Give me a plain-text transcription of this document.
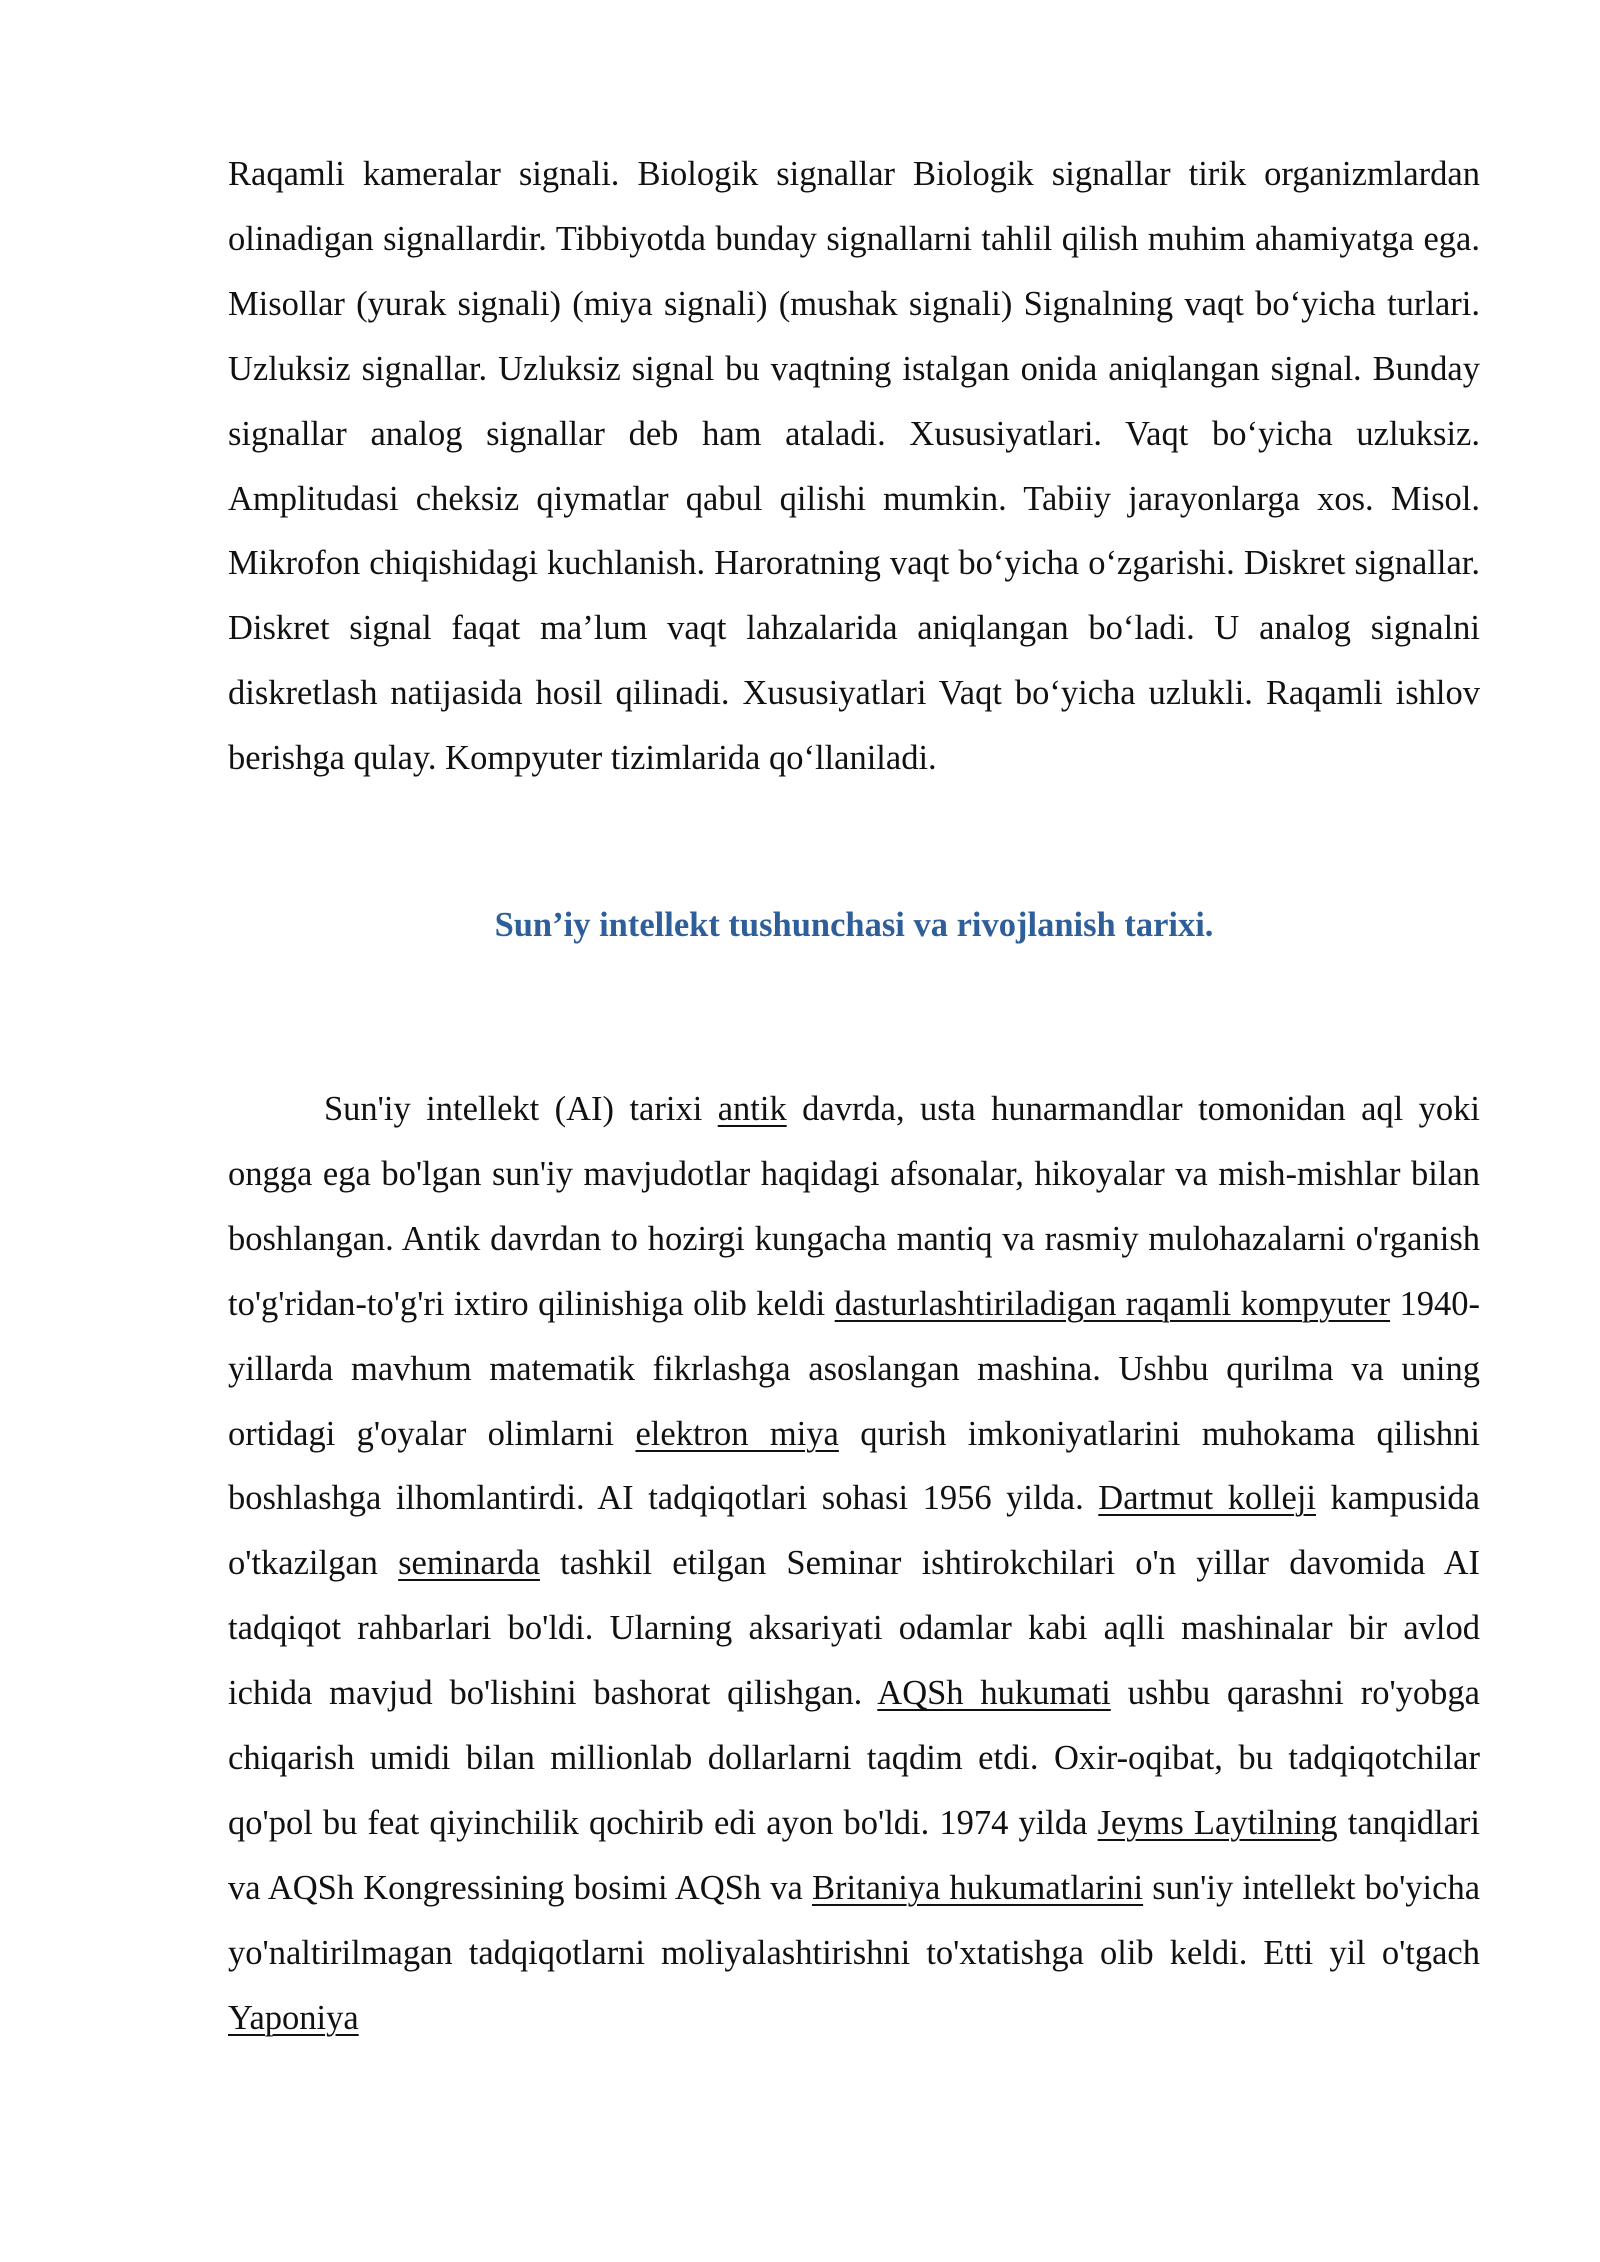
Raqamli kameralar signali. Biologik signallar Biologik signallar tirik organizmlardan olinadigan signallardir. Tibbiyotda bunday signallarni tahlil qilish muhim ahamiyatga ega. Misollar (yurak signali) (miya signali) (mushak signali) Signalning vaqt bo‘yicha turlari. Uzluksiz signallar. Uzluksiz signal bu vaqtning istalgan onida aniqlangan signal. Bunday signallar analog signallar deb ham ataladi. Xususiyatlari. Vaqt bo‘yicha uzluksiz. Amplitudasi cheksiz qiymatlar qabul qilishi mumkin. Tabiiy jarayonlarga xos. Misol. Mikrofon chiqishidagi kuchlanish. Haroratning vaqt bo‘yicha o‘zgarishi. Diskret signallar. Diskret signal faqat ma’lum vaqt lahzalarida aniqlangan bo‘ladi. U analog signalni diskretlash natijasida hosil qilinadi. Xususiyatlari Vaqt bo‘yicha uzlukli. Raqamli ishlov berishga qulay. Kompyuter tizimlarida qo‘llaniladi.

Sun’iy intellekt tushunchasi va rivojlanish tarixi.

Sun'iy intellekt (AI) tarixi antik davrda, usta hunarmandlar tomonidan aql yoki ongga ega bo'lgan sun'iy mavjudotlar haqidagi afsonalar, hikoyalar va mish-mishlar bilan boshlangan. Antik davrdan to hozirgi kungacha mantiq va rasmiy mulohazalarni o'rganish to'g'ridan-to'g'ri ixtiro qilinishiga olib keldi dasturlashtiriladigan raqamli kompyuter 1940-yillarda mavhum matematik fikrlashga asoslangan mashina. Ushbu qurilma va uning ortidagi g'oyalar olimlarni elektron miya qurish imkoniyatlarini muhokama qilishni boshlashga ilhomlantirdi. AI tadqiqotlari sohasi 1956 yilda. Dartmut kolleji kampusida o'tkazilgan seminarda tashkil etilgan Seminar ishtirokchilari o'n yillar davomida AI tadqiqot rahbarlari bo'ldi. Ularning aksariyati odamlar kabi aqlli mashinalar bir avlod ichida mavjud bo'lishini bashorat qilishgan. AQSh hukumati ushbu qarashni ro'yobga chiqarish umidi bilan millionlab dollarlarni taqdim etdi. Oxir-oqibat, bu tadqiqotchilar qo'pol bu feat qiyinchilik qochirib edi ayon bo'ldi. 1974 yilda Jeyms Laytilning tanqidlari va AQSh Kongressining bosimi AQSh va Britaniya hukumatlarini sun'iy intellekt bo'yicha yo'naltirilmagan tadqiqotlarni moliyalashtirishni to'xtatishga olib keldi. Etti yil o'tgach Yaponiya
